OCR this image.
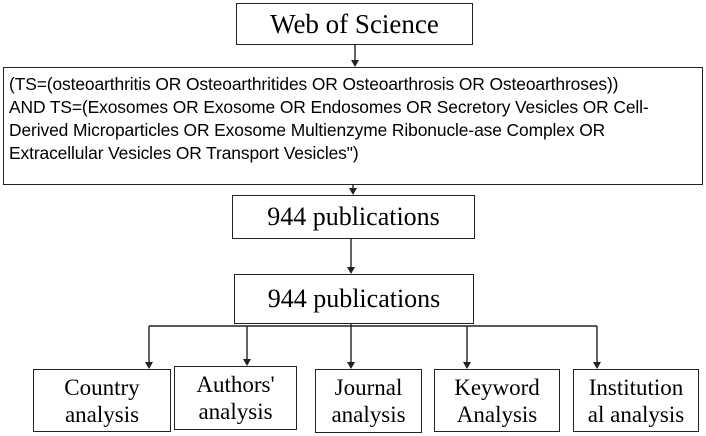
Web of Science
(TS=(osteoarthritis OR Osteoarthritides OR Osteoarthrosis OR Osteoarthroses))
AND TS=(Exosomes OR Exosome OR Endosomes OR Secretory Vesicles OR Cell-
Derived Microparticles OR Exosome Multienzyme Ribonucle-ase Complex OR
Extracellular Vesicles OR Transport Vesicles")
944 publications
944 publications
Country
analysis
Authors'
analysis
Journal
analysis
Keyword
Analysis
Institution
al analysis
